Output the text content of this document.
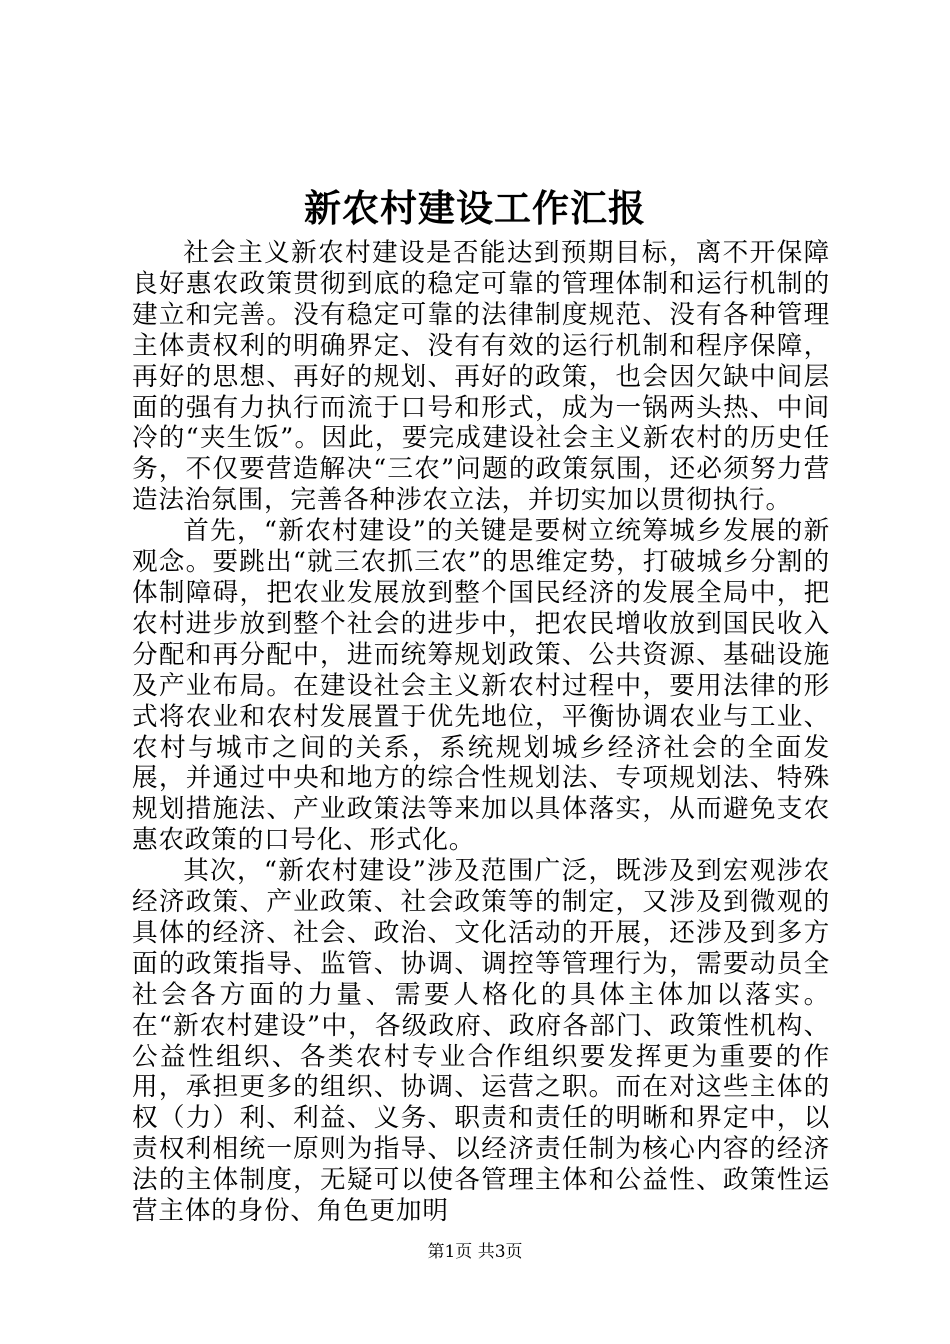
新农村建设工作汇报

社会主义新农村建设是否能达到预期目标，离不开保障良好惠农政策贯彻到底的稳定可靠的管理体制和运行机制的建立和完善。没有稳定可靠的法律制度规范、没有各种管理主体责权利的明确界定、没有有效的运行机制和程序保障，再好的思想、再好的规划、再好的政策，也会因欠缺中间层面的强有力执行而流于口号和形式，成为一锅两头热、中间冷的“夹生饭”。因此，要完成建设社会主义新农村的历史任务，不仅要营造解决“三农”问题的政策氛围，还必须努力营造法治氛围，完善各种涉农立法，并切实加以贯彻执行。

首先，“新农村建设”的关键是要树立统筹城乡发展的新观念。要跳出“就三农抓三农”的思维定势，打破城乡分割的体制障碍，把农业发展放到整个国民经济的发展全局中，把农村进步放到整个社会的进步中，把农民增收放到国民收入分配和再分配中，进而统筹规划政策、公共资源、基础设施及产业布局。在建设社会主义新农村过程中，要用法律的形式将农业和农村发展置于优先地位，平衡协调农业与工业、农村与城市之间的关系，系统规划城乡经济社会的全面发展，并通过中央和地方的综合性规划法、专项规划法、特殊规划措施法、产业政策法等来加以具体落实，从而避免支农惠农政策的口号化、形式化。

其次，“新农村建设”涉及范围广泛，既涉及到宏观涉农经济政策、产业政策、社会政策等的制定，又涉及到微观的具体的经济、社会、政治、文化活动的开展，还涉及到多方面的政策指导、监管、协调、调控等管理行为，需要动员全社会各方面的力量、需要人格化的具体主体加以落实。在“新农村建设”中，各级政府、政府各部门、政策性机构、公益性组织、各类农村专业合作组织要发挥更为重要的作用，承担更多的组织、协调、运营之职。而在对这些主体的权（力）利、利益、义务、职责和责任的明晰和界定中，以责权利相统一原则为指导、以经济责任制为核心内容的经济法的主体制度，无疑可以使各管理主体和公益性、政策性运营主体的身份、角色更加明

第1页 共3页
